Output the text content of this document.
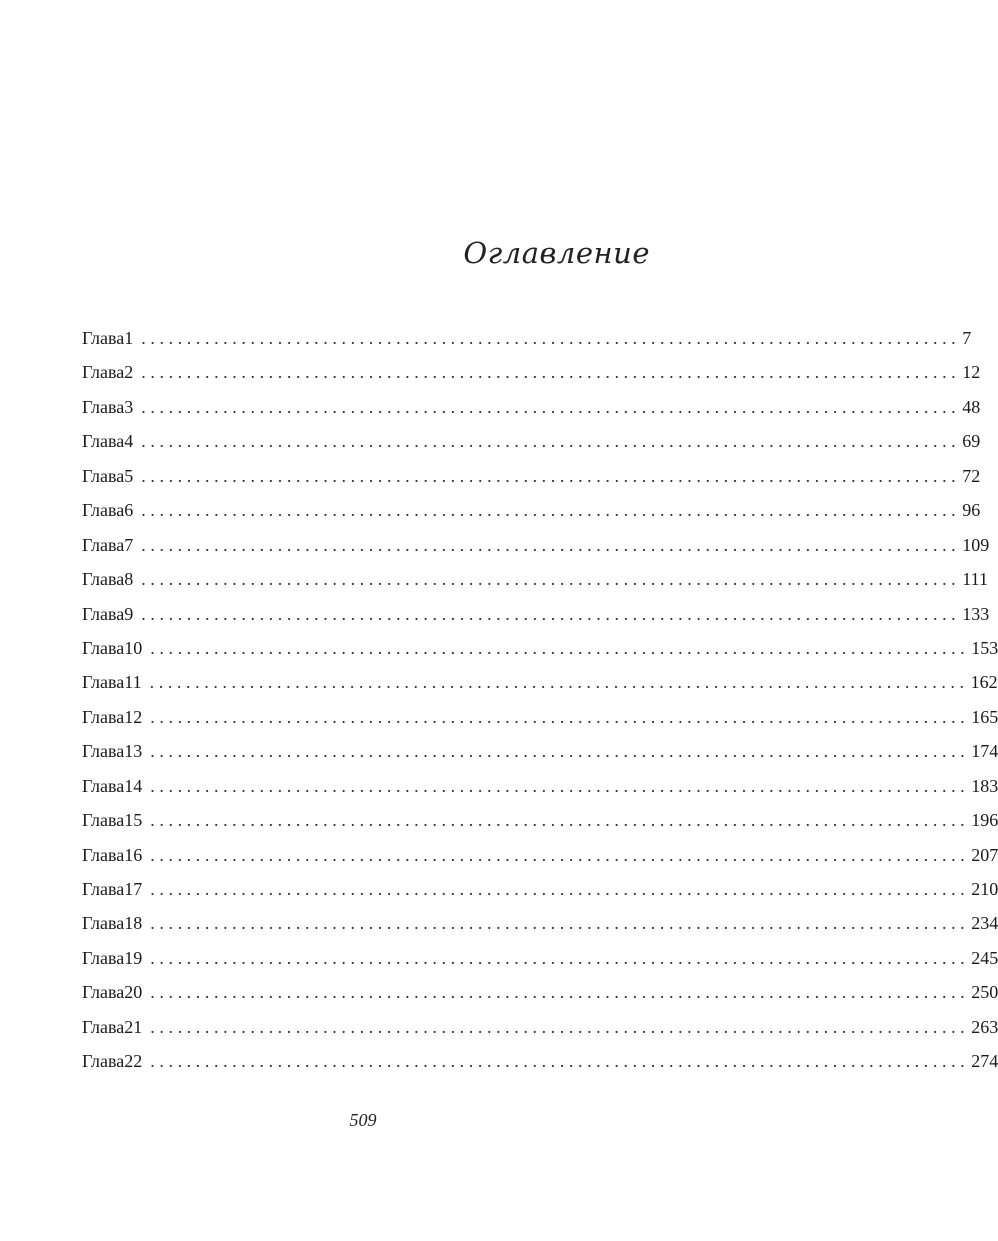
Оглавление
Глава 1 .......................................................................................... 7
Глава 2 .......................................................................................... 12
Глава 3 .......................................................................................... 48
Глава 4 .......................................................................................... 69
Глава 5 .......................................................................................... 72
Глава 6 .......................................................................................... 96
Глава 7 .......................................................................................... 109
Глава 8 .......................................................................................... 111
Глава 9 .......................................................................................... 133
Глава 10 .......................................................................................... 153
Глава 11 .......................................................................................... 162
Глава 12 .......................................................................................... 165
Глава 13 .......................................................................................... 174
Глава 14 .......................................................................................... 183
Глава 15 .......................................................................................... 196
Глава 16 .......................................................................................... 207
Глава 17 .......................................................................................... 210
Глава 18 .......................................................................................... 234
Глава 19 .......................................................................................... 245
Глава 20 .......................................................................................... 250
Глава 21 .......................................................................................... 263
Глава 22 .......................................................................................... 274
509
